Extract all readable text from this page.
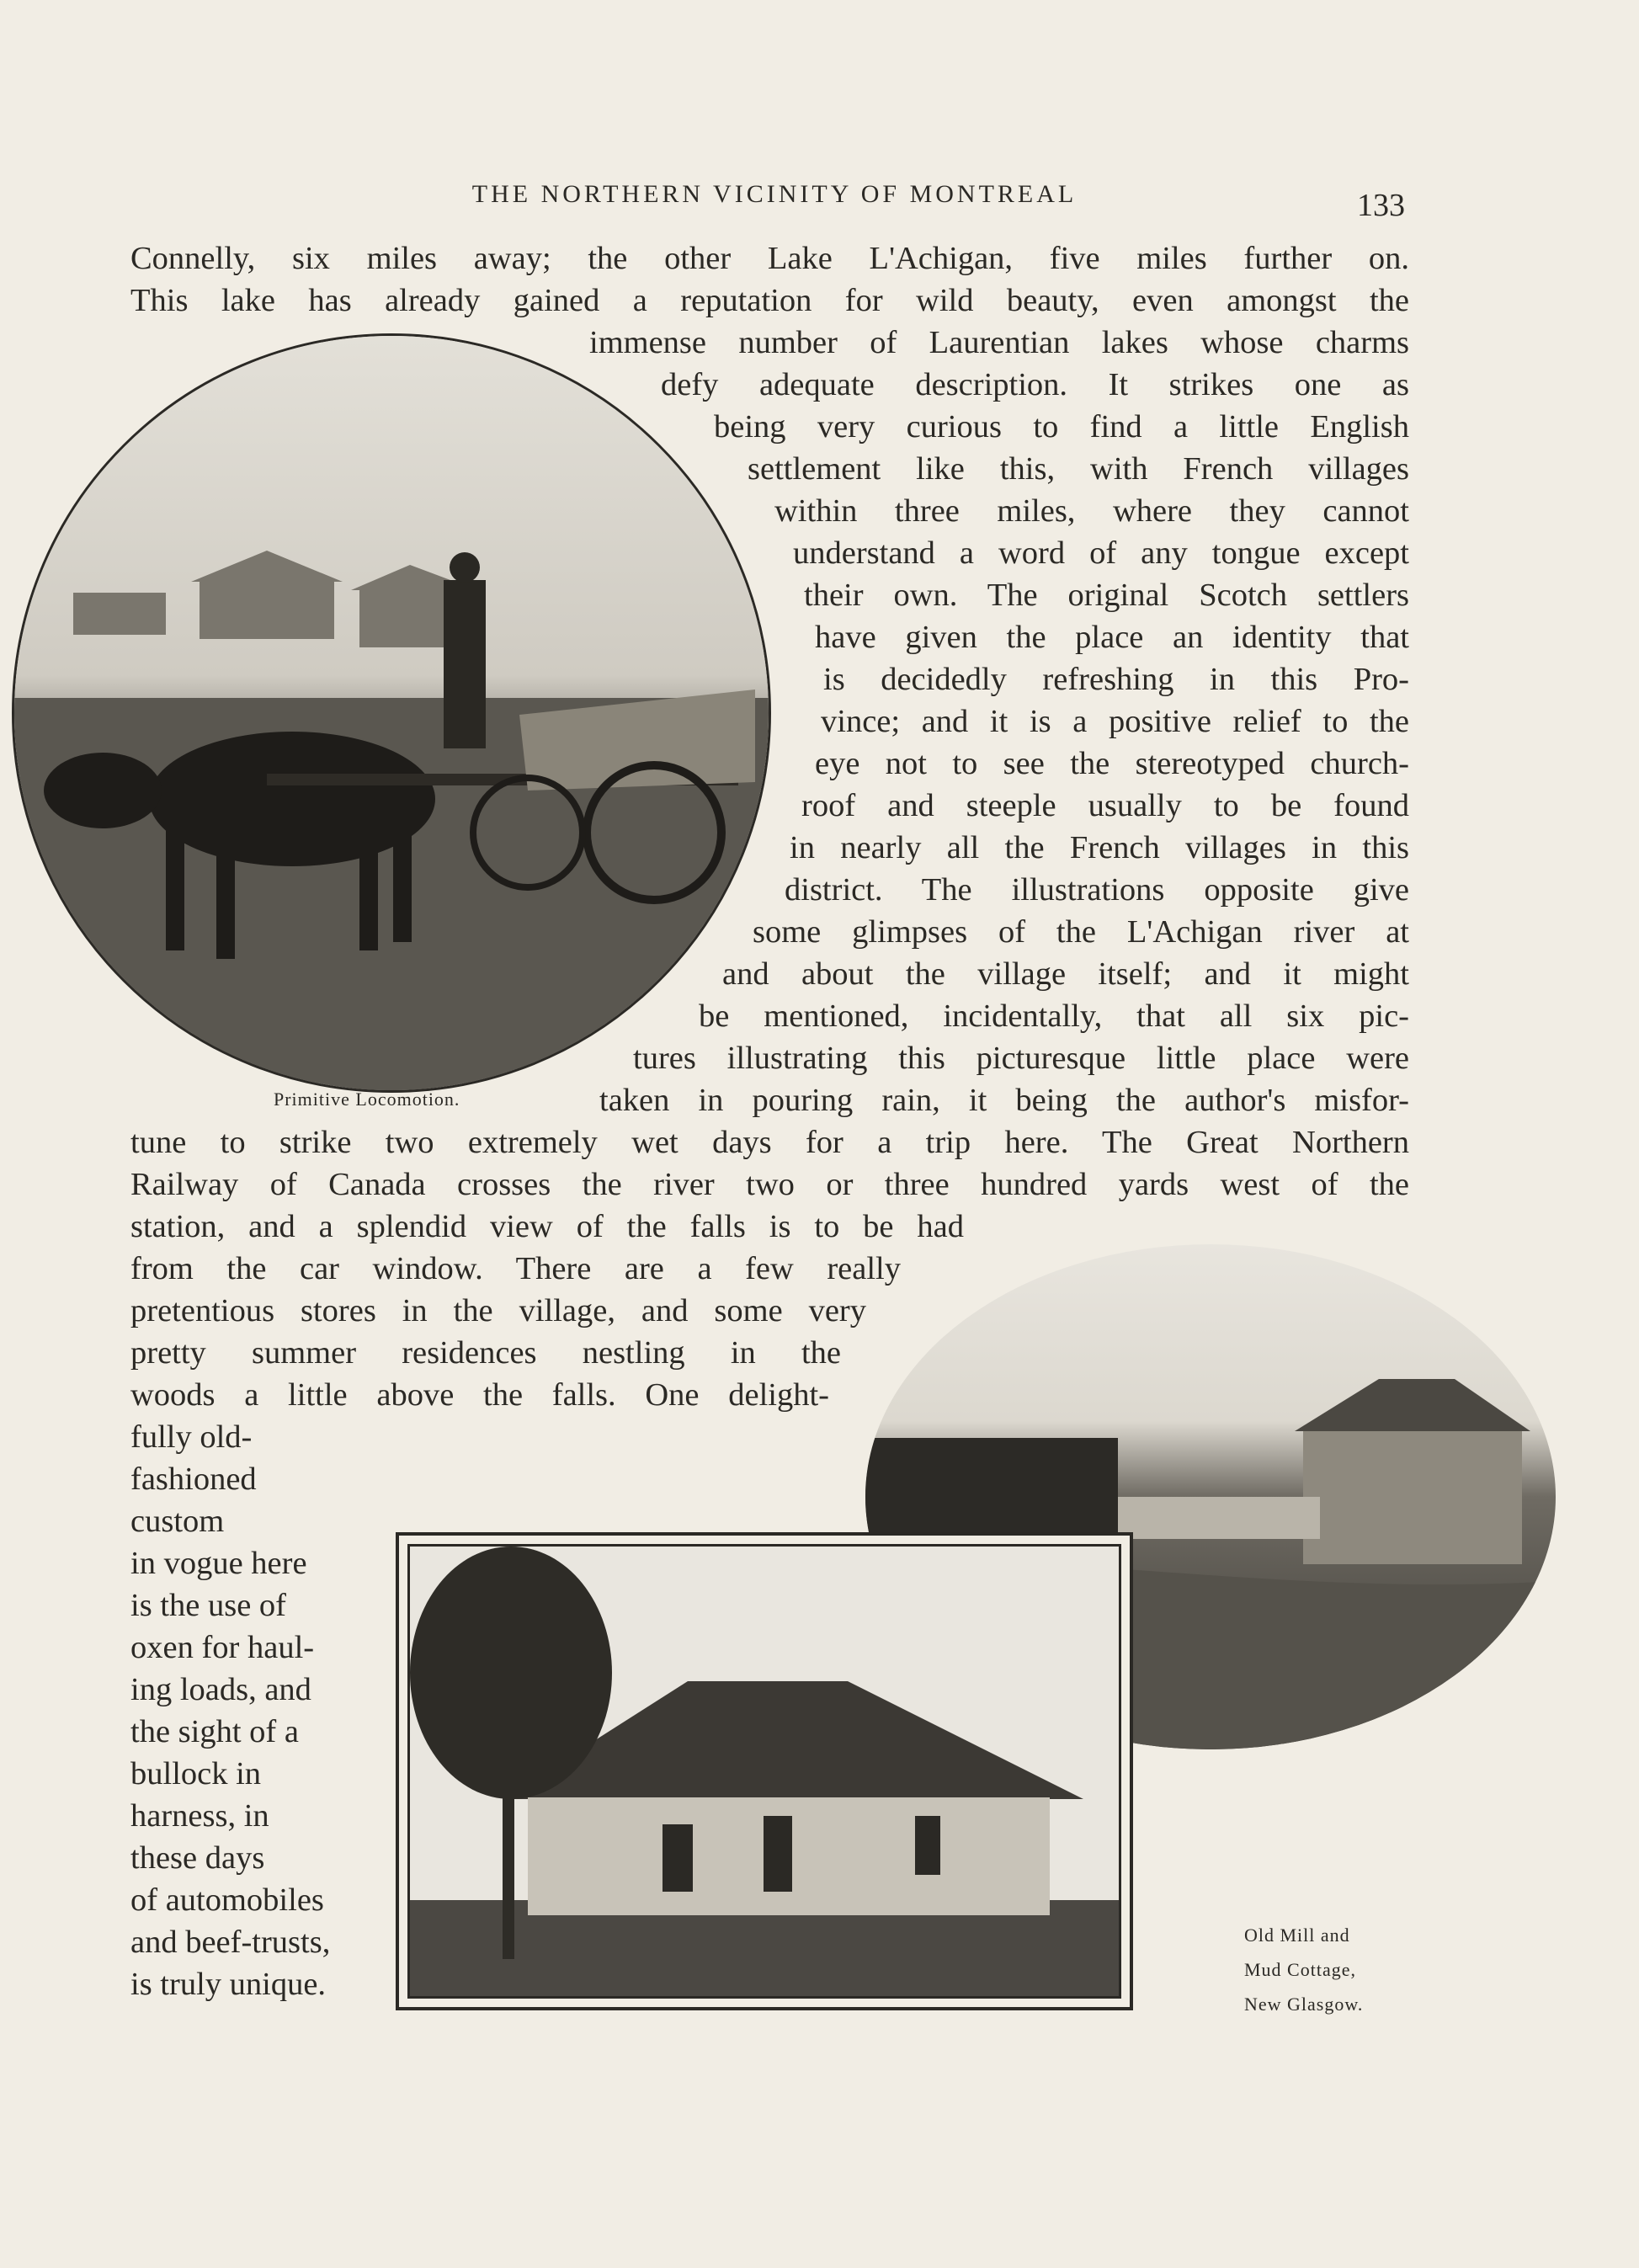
THE NORTHERN VICINITY OF MONTREAL	133
Connelly, six miles away; the other Lake L'Achigan, five miles further on.
This lake has already gained a reputation for wild beauty, even amongst the
immense number of Laurentian lakes whose charms
defy adequate description. It strikes one as
being very curious to find a little English
settlement like this, with French villages
within three miles, where they cannot
understand a word of any tongue except
their own. The original Scotch settlers
have given the place an identity that
is decidedly refreshing in this Pro-
vince; and it is a positive relief to the
eye not to see the stereotyped church-
roof and steeple usually to be found
in nearly all the French villages in this
district. The illustrations opposite give
some glimpses of the L'Achigan river at
and about the village itself; and it might
be mentioned, incidentally, that all six pic-
tures illustrating this picturesque little place were
taken in pouring rain, it being the author's misfor-
tune to strike two extremely wet days for a trip here. The Great Northern
Railway of Canada crosses the river two or three hundred yards west of the
station, and a splendid view of the falls is to be had
from the car window. There are a few really
pretentious stores in the village, and some very
pretty summer residences nestling in the
woods a little above the falls. One delight-
fully old-
fashioned
custom
in vogue here
is the use of
oxen for haul-
ing loads, and
the sight of a
bullock in
harness, in
these days
of automobiles
and beef-trusts,
is truly unique.
Primitive Locomotion.
Old Mill and
Mud Cottage,
New Glasgow.
